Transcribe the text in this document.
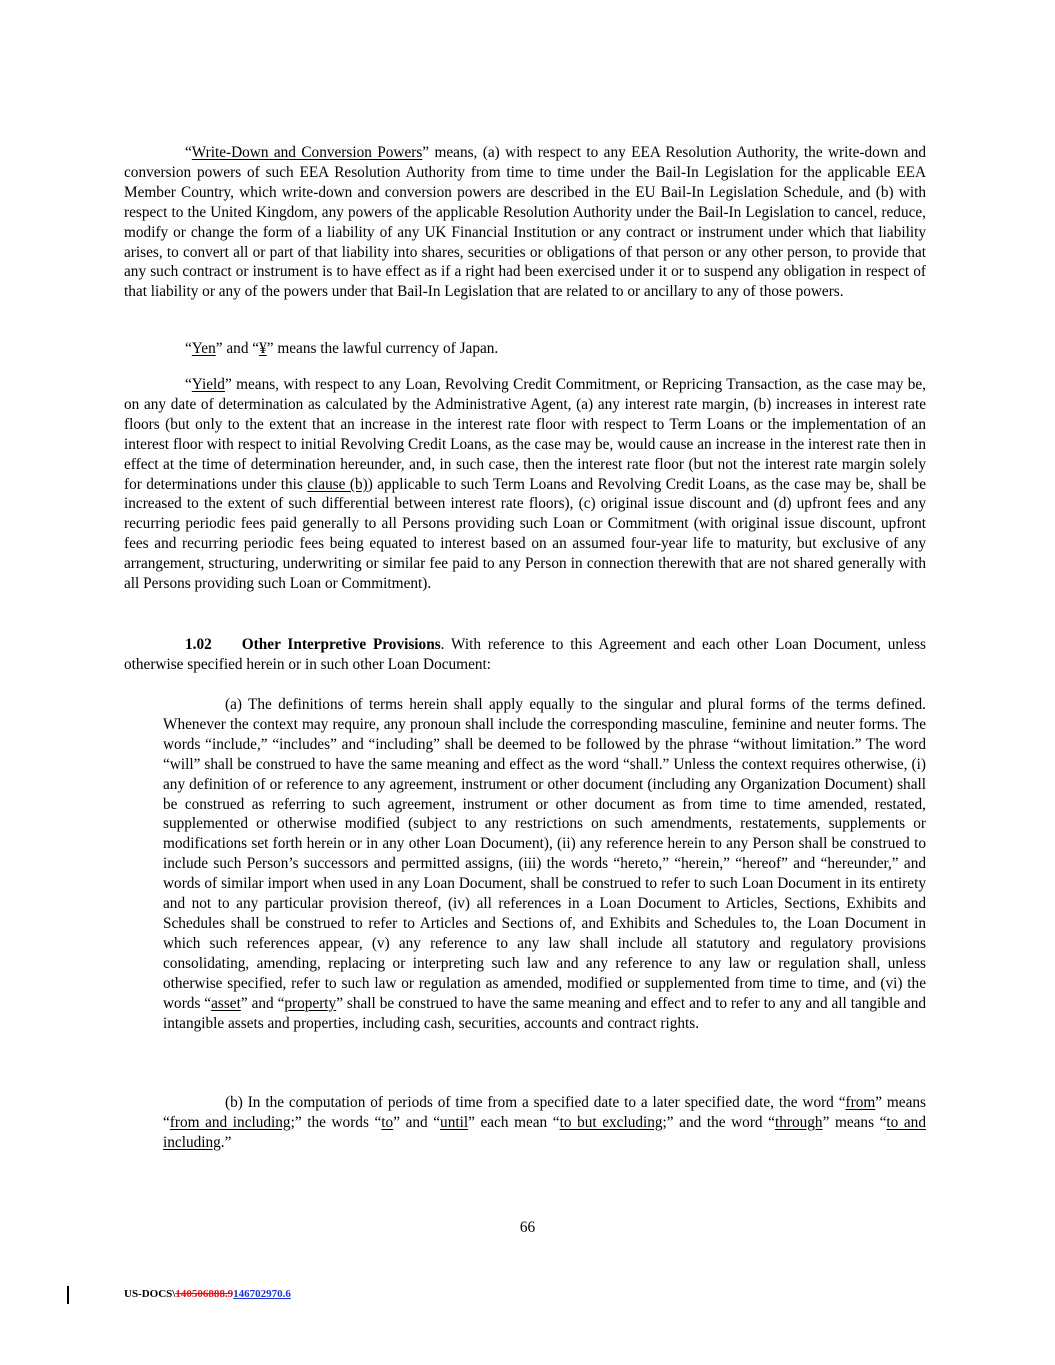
“Write-Down and Conversion Powers” means, (a) with respect to any EEA Resolution Authority, the write-down and conversion powers of such EEA Resolution Authority from time to time under the Bail-In Legislation for the applicable EEA Member Country, which write-down and conversion powers are described in the EU Bail-In Legislation Schedule, and (b) with respect to the United Kingdom, any powers of the applicable Resolution Authority under the Bail-In Legislation to cancel, reduce, modify or change the form of a liability of any UK Financial Institution or any contract or instrument under which that liability arises, to convert all or part of that liability into shares, securities or obligations of that person or any other person, to provide that any such contract or instrument is to have effect as if a right had been exercised under it or to suspend any obligation in respect of that liability or any of the powers under that Bail-In Legislation that are related to or ancillary to any of those powers.

“Yen” and “¥” means the lawful currency of Japan.

“Yield” means, with respect to any Loan, Revolving Credit Commitment, or Repricing Transaction, as the case may be, on any date of determination as calculated by the Administrative Agent, (a) any interest rate margin, (b) increases in interest rate floors (but only to the extent that an increase in the interest rate floor with respect to Term Loans or the implementation of an interest floor with respect to initial Revolving Credit Loans, as the case may be, would cause an increase in the interest rate then in effect at the time of determination hereunder, and, in such case, then the interest rate floor (but not the interest rate margin solely for determinations under this clause (b)) applicable to such Term Loans and Revolving Credit Loans, as the case may be, shall be increased to the extent of such differential between interest rate floors), (c) original issue discount and (d) upfront fees and any recurring periodic fees paid generally to all Persons providing such Loan or Commitment (with original issue discount, upfront fees and recurring periodic fees being equated to interest based on an assumed four-year life to maturity, but exclusive of any arrangement, structuring, underwriting or similar fee paid to any Person in connection therewith that are not shared generally with all Persons providing such Loan or Commitment).

1.02 Other Interpretive Provisions. With reference to this Agreement and each other Loan Document, unless otherwise specified herein or in such other Loan Document:

(a) The definitions of terms herein shall apply equally to the singular and plural forms of the terms defined. Whenever the context may require, any pronoun shall include the corresponding masculine, feminine and neuter forms. The words “include,” “includes” and “including” shall be deemed to be followed by the phrase “without limitation.” The word “will” shall be construed to have the same meaning and effect as the word “shall.” Unless the context requires otherwise, (i) any definition of or reference to any agreement, instrument or other document (including any Organization Document) shall be construed as referring to such agreement, instrument or other document as from time to time amended, restated, supplemented or otherwise modified (subject to any restrictions on such amendments, restatements, supplements or modifications set forth herein or in any other Loan Document), (ii) any reference herein to any Person shall be construed to include such Person’s successors and permitted assigns, (iii) the words “hereto,” “herein,” “hereof” and “hereunder,” and words of similar import when used in any Loan Document, shall be construed to refer to such Loan Document in its entirety and not to any particular provision thereof, (iv) all references in a Loan Document to Articles, Sections, Exhibits and Schedules shall be construed to refer to Articles and Sections of, and Exhibits and Schedules to, the Loan Document in which such references appear, (v) any reference to any law shall include all statutory and regulatory provisions consolidating, amending, replacing or interpreting such law and any reference to any law or regulation shall, unless otherwise specified, refer to such law or regulation as amended, modified or supplemented from time to time, and (vi) the words “asset” and “property” shall be construed to have the same meaning and effect and to refer to any and all tangible and intangible assets and properties, including cash, securities, accounts and contract rights.

(b) In the computation of periods of time from a specified date to a later specified date, the word “from” means “from and including;” the words “to” and “until” each mean “to but excluding;” and the word “through” means “to and including.”

66
US-DOCS\140506888.9146702970.6
